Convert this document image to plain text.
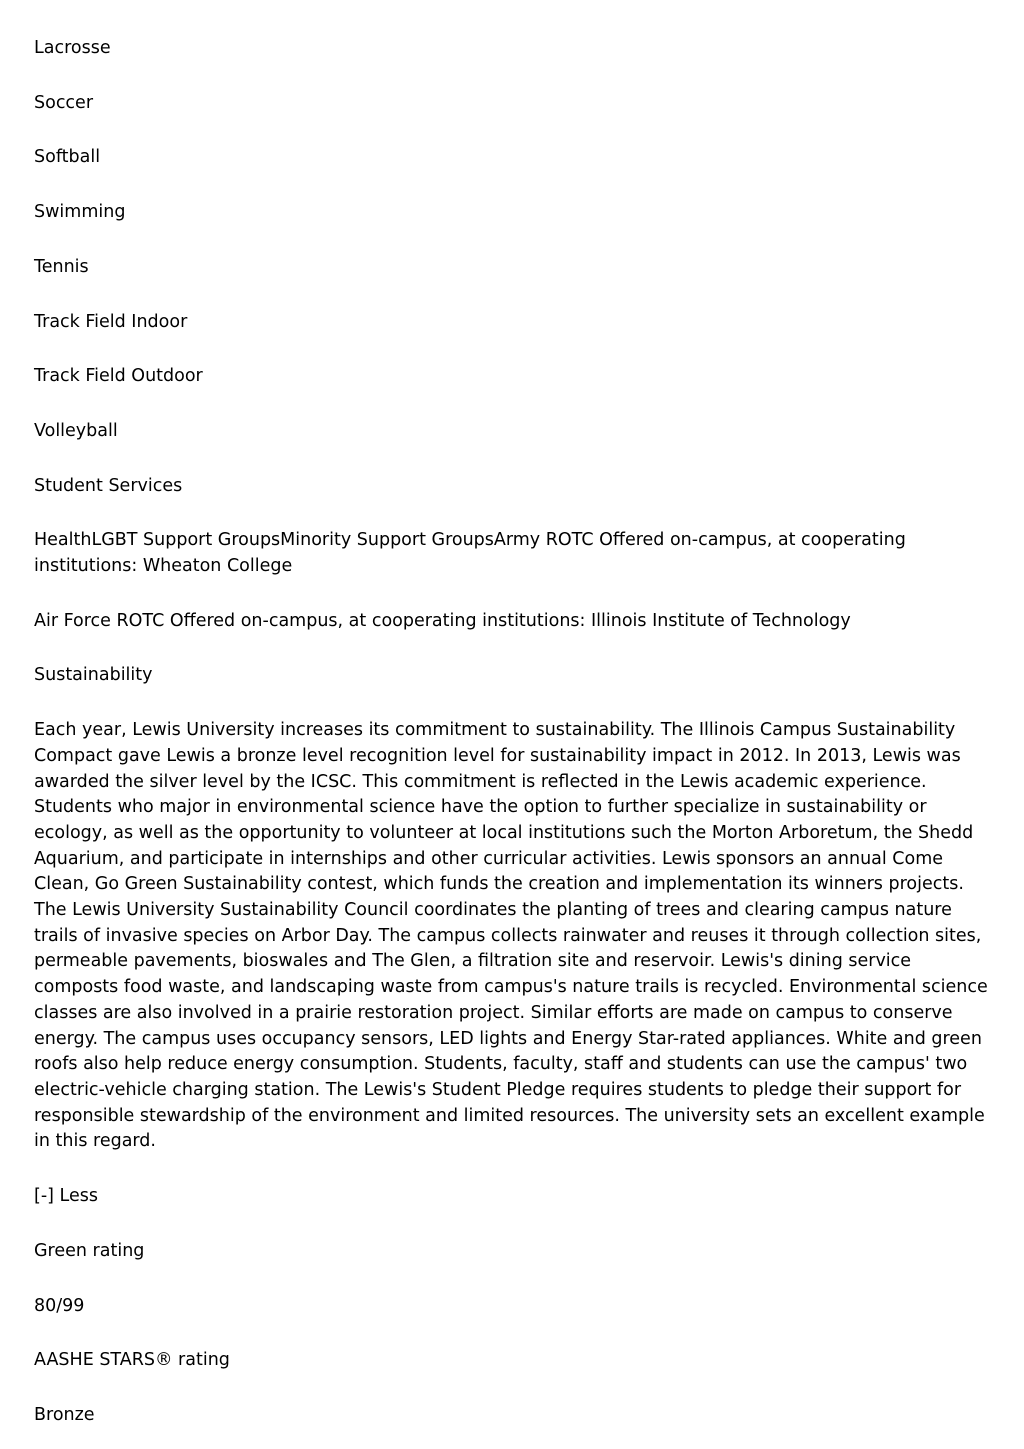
Lacrosse

Soccer

Softball

Swimming

Tennis

Track Field Indoor

Track Field Outdoor

Volleyball

Student Services

HealthLGBT Support GroupsMinority Support GroupsArmy ROTC Offered on-campus, at cooperating institutions: Wheaton College

Air Force ROTC Offered on-campus, at cooperating institutions: Illinois Institute of Technology

Sustainability

Each year, Lewis University increases its commitment to sustainability. The Illinois Campus Sustainability Compact gave Lewis a bronze level recognition level for sustainability impact in 2012. In 2013, Lewis was awarded the silver level by the ICSC. This commitment is reflected in the Lewis academic experience. Students who major in environmental science have the option to further specialize in sustainability or ecology, as well as the opportunity to volunteer at local institutions such the Morton Arboretum, the Shedd Aquarium, and participate in internships and other curricular activities. Lewis sponsors an annual Come Clean, Go Green Sustainability contest, which funds the creation and implementation its winners projects. The Lewis University Sustainability Council coordinates the planting of trees and clearing campus nature trails of invasive species on Arbor Day. The campus collects rainwater and reuses it through collection sites, permeable pavements, bioswales and The Glen, a filtration site and reservoir. Lewis's dining service composts food waste, and landscaping waste from campus's nature trails is recycled. Environmental science classes are also involved in a prairie restoration project. Similar efforts are made on campus to conserve energy. The campus uses occupancy sensors, LED lights and Energy Star-rated appliances. White and green roofs also help reduce energy consumption. Students, faculty, staff and students can use the campus' two electric-vehicle charging station. The Lewis's Student Pledge requires students to pledge their support for responsible stewardship of the environment and limited resources. The university sets an excellent example in this regard.

[-] Less

Green rating

80/99

AASHE STARS® rating

Bronze
